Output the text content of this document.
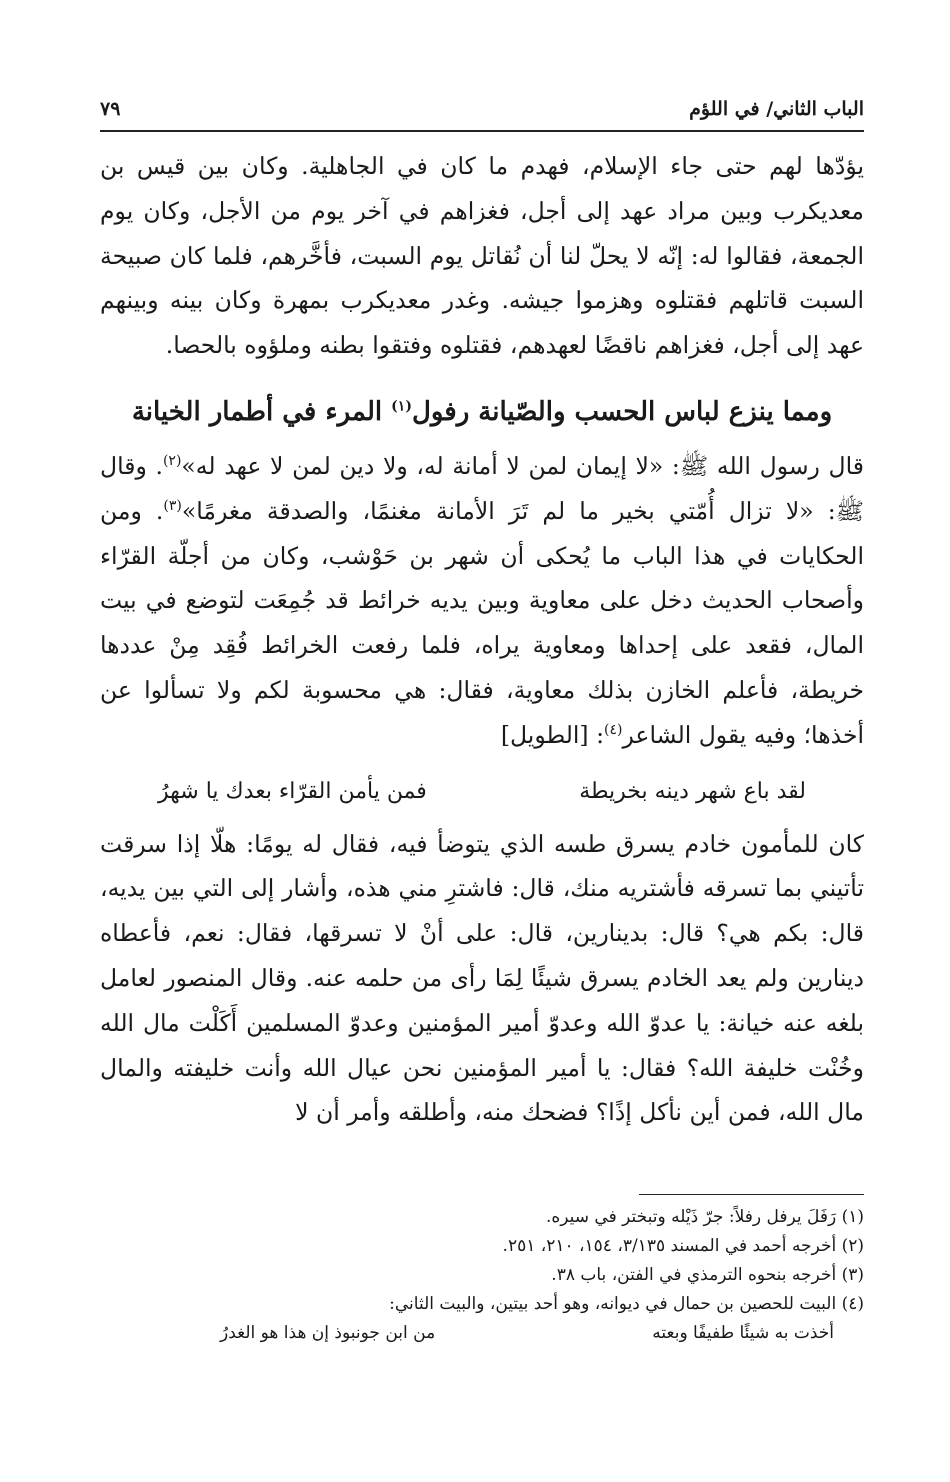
الباب الثاني/ في اللؤم
٧٩

يؤدّها لهم حتى جاء الإسلام، فهدم ما كان في الجاهلية. وكان بين قيس بن معديكرب وبين مراد عهد إلى أجل، فغزاهم في آخر يوم من الأجل، وكان يوم الجمعة، فقالوا له: إنّه لا يحلّ لنا أن نُقاتل يوم السبت، فأخَّرهم، فلما كان صبيحة السبت قاتلهم فقتلوه وهزموا جيشه. وغدر معديكرب بمهرة وكان بينه وبينهم عهد إلى أجل، فغزاهم ناقضًا لعهدهم، فقتلوه وفتقوا بطنه وملؤوه بالحصا.

ومما ينزع لباس الحسب والصّيانة رفول$^{(١)}$ المرء في أطمار الخيانة

قال رسول الله ﷺ: «لا إيمان لمن لا أمانة له، ولا دين لمن لا عهد له»$^{(٢)}$. وقال ﷺ: «لا تزال أُمّتي بخير ما لم تَرَ الأمانة مغنمًا، والصدقة مغرمًا»$^{(٣)}$. ومن الحكايات في هذا الباب ما يُحكى أن شهر بن حَوْشب، وكان من أجلّة القرّاء وأصحاب الحديث دخل على معاوية وبين يديه خرائط قد جُمِعَت لتوضع في بيت المال، فقعد على إحداها ومعاوية يراه، فلما رفعت الخرائط فُقِد مِنْ عددها خريطة، فأعلم الخازن بذلك معاوية، فقال: هي محسوبة لكم ولا تسألوا عن أخذها؛ وفيه يقول الشاعر$^{(٤)}$: [الطويل]

لقد باع شهر دينه بخريطة
فمن يأمن القرّاء بعدك يا شهرُ

كان للمأمون خادم يسرق طسه الذي يتوضأ فيه، فقال له يومًا: هلّا إذا سرقت تأتيني بما تسرقه فأشتريه منك، قال: فاشترِ مني هذه، وأشار إلى التي بين يديه، قال: بكم هي؟ قال: بدينارين، قال: على أنْ لا تسرقها، فقال: نعم، فأعطاه دينارين ولم يعد الخادم يسرق شيئًا لِمَا رأى من حلمه عنه. وقال المنصور لعامل بلغه عنه خيانة: يا عدوّ الله وعدوّ أمير المؤمنين وعدوّ المسلمين أَكَلْت مال الله وخُنْت خليفة الله؟ فقال: يا أمير المؤمنين نحن عيال الله وأنت خليفته والمال مال الله، فمن أين نأكل إذًا؟ فضحك منه، وأطلقه وأمر أن لا

(١) رَفَلَ يرفل رفلاً: جرّ ذَيْله وتبختر في سيره.

(٢) أخرجه أحمد في المسند ٣/١٣٥، ١٥٤، ٢١٠، ٢٥١.

(٣) أخرجه بنحوه الترمذي في الفتن، باب ٣٨.

(٤) البيت للحصين بن حمال في ديوانه، وهو أحد بيتين، والبيت الثاني:

أخذت به شيئًا طفيفًا وبعته
من ابن جونبوذ إن هذا هو الغدرُ
